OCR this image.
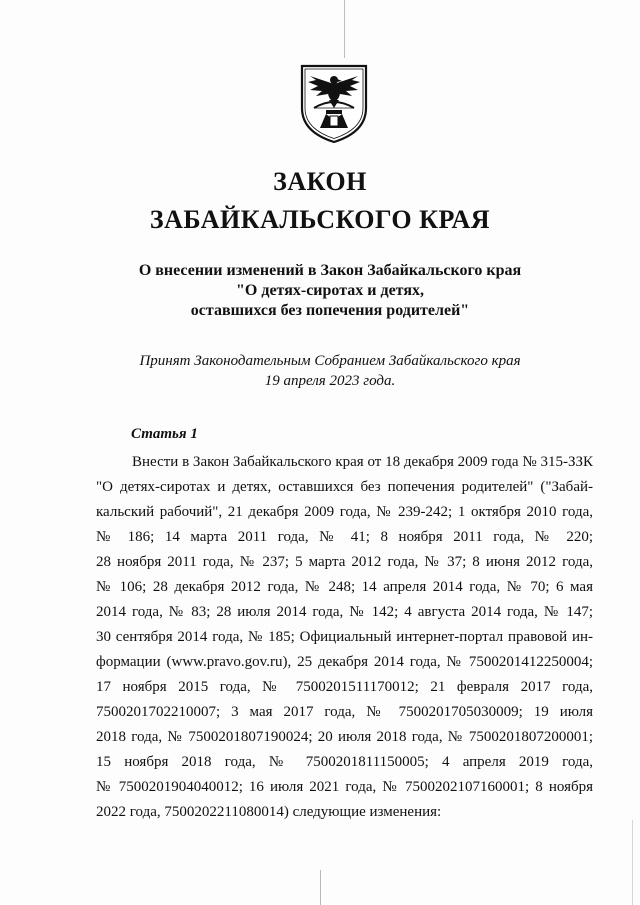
ЗАКОН
ЗАБАЙКАЛЬСКОГО КРАЯ
О внесении изменений в Закон Забайкальского края
"О детях-сиротах и детях,
оставшихся без попечения родителей"
Принят Законодательным Собранием Забайкальского края
19 апреля 2023 года.
Статья 1
Внести в Закон Забайкальского края от 18 декабря 2009 года № 315-ЗЗК
"О детях-сиротах и детях, оставшихся без попечения родителей" ("Забай-
кальский рабочий", 21 декабря 2009 года, № 239-242; 1 октября 2010 года,
№ 186; 14 марта 2011 года, № 41; 8 ноября 2011 года, № 220;
28 ноября 2011 года, № 237; 5 марта 2012 года, № 37; 8 июня 2012 года,
№ 106; 28 декабря 2012 года, № 248; 14 апреля 2014 года, № 70; 6 мая
2014 года, № 83; 28 июля 2014 года, № 142; 4 августа 2014 года, № 147;
30 сентября 2014 года, № 185; Официальный интернет-портал правовой ин-
формации (www.pravo.gov.ru), 25 декабря 2014 года, № 7500201412250004;
17 ноября 2015 года, № 7500201511170012; 21 февраля 2017 года,
7500201702210007; 3 мая 2017 года, № 7500201705030009; 19 июля
2018 года, № 7500201807190024; 20 июля 2018 года, № 7500201807200001;
15 ноября 2018 года, № 7500201811150005; 4 апреля 2019 года,
№ 7500201904040012; 16 июля 2021 года, № 7500202107160001; 8 ноября
2022 года, 7500202211080014) следующие изменения:
